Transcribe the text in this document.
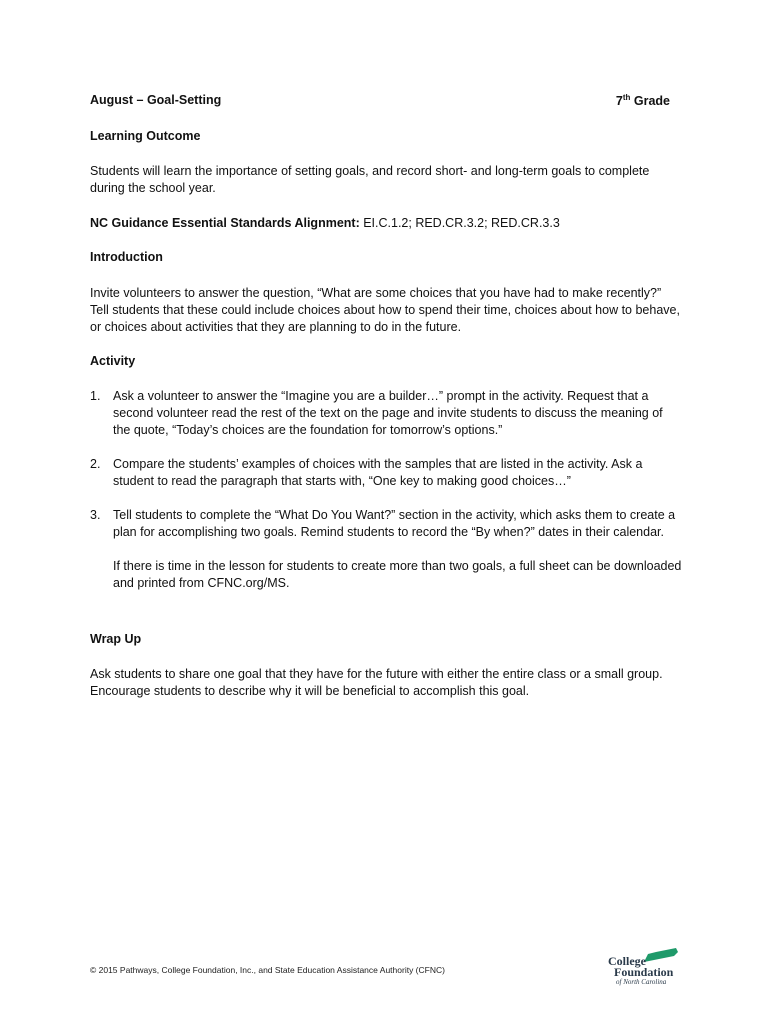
August – Goal-Setting	7th Grade
Learning Outcome

Students will learn the importance of setting goals, and record short- and long-term goals to complete during the school year.

NC Guidance Essential Standards Alignment: EI.C.1.2; RED.CR.3.2; RED.CR.3.3

Introduction

Invite volunteers to answer the question, “What are some choices that you have had to make recently?” Tell students that these could include choices about how to spend their time, choices about how to behave, or choices about activities that they are planning to do in the future.

Activity
1. Ask a volunteer to answer the “Imagine you are a builder…” prompt in the activity. Request that a second volunteer read the rest of the text on the page and invite students to discuss the meaning of the quote, “Today’s choices are the foundation for tomorrow’s options.”
2. Compare the students’ examples of choices with the samples that are listed in the activity. Ask a student to read the paragraph that starts with, “One key to making good choices…”
3. Tell students to complete the “What Do You Want?” section in the activity, which asks them to create a plan for accomplishing two goals. Remind students to record the “By when?” dates in their calendar.
If there is time in the lesson for students to create more than two goals, a full sheet can be downloaded and printed from CFNC.org/MS.
Wrap Up

Ask students to share one goal that they have for the future with either the entire class or a small group. Encourage students to describe why it will be beneficial to accomplish this goal.

© 2015 Pathways, College Foundation, Inc., and State Education Assistance Authority (CFNC)
College
Foundation
of North Carolina
